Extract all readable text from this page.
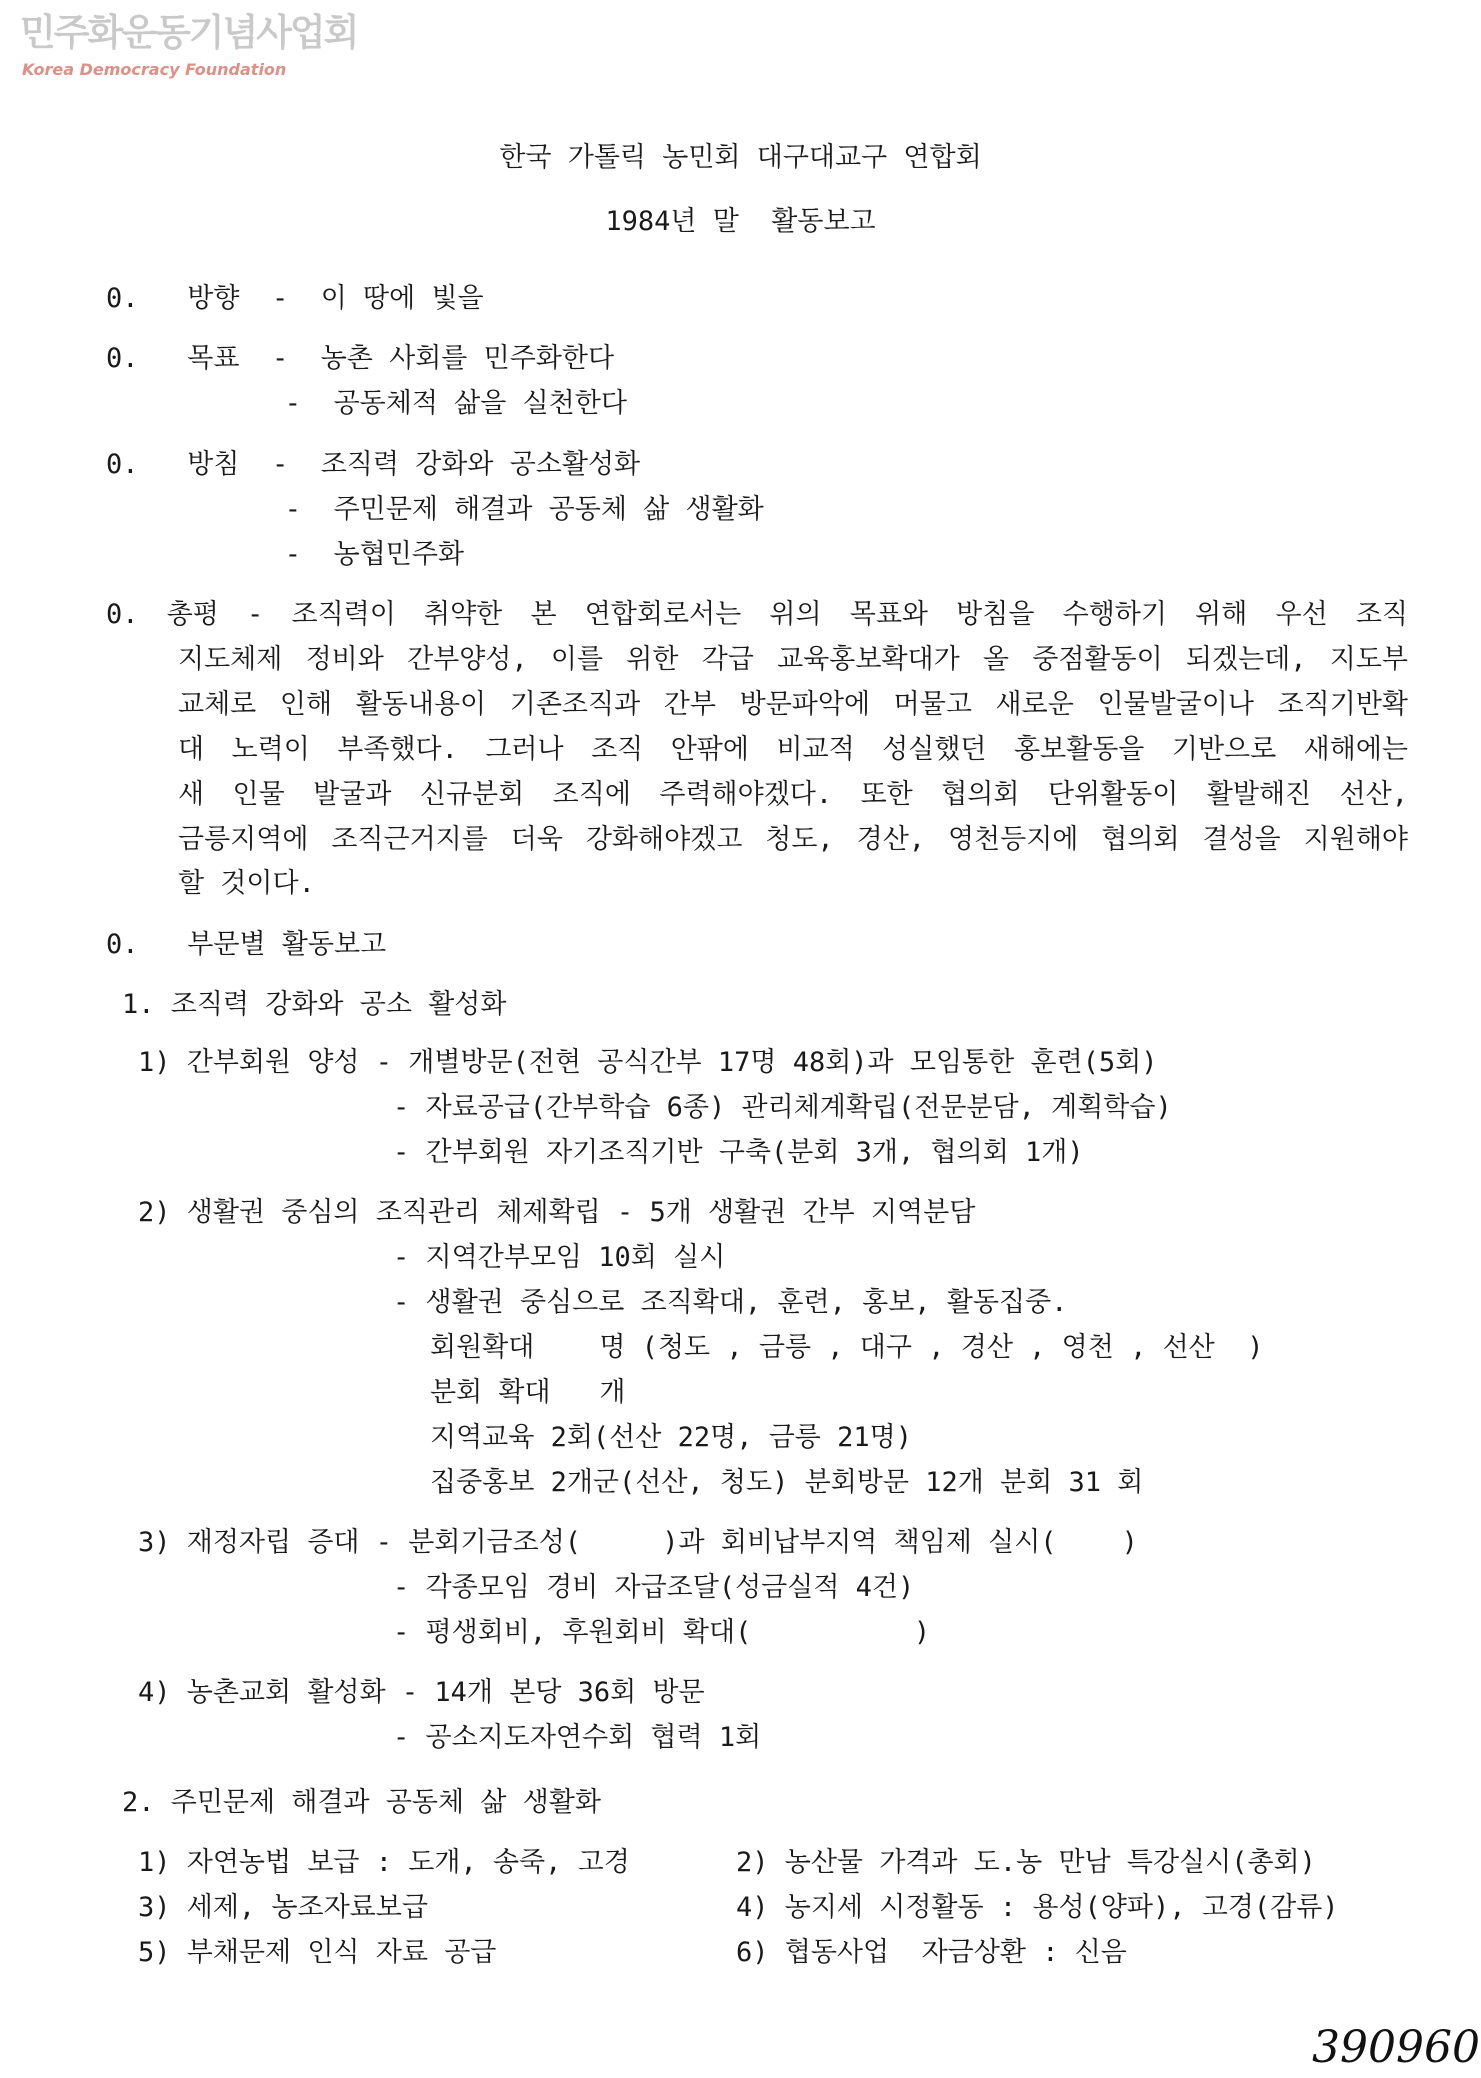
민주화운동기념사업회
Korea Democracy Foundation
한국 가톨릭 농민회 대구대교구 연합회
1984년 말  활동보고
0.   방향  -  이 땅에 빛을
0.   목표  -  농촌 사회를 민주화한다
-  공동체적 삶을 실천한다
0.   방침  -  조직력 강화와 공소활성화
-  주민문제 해결과 공동체 삶 생활화
-  농협민주화
0. 총평 - 조직력이 취약한 본 연합회로서는 위의 목표와 방침을 수행하기 위해 우선 조직
지도체제 정비와 간부양성, 이를 위한 각급 교육홍보확대가 올 중점활동이 되겠는데, 지도부
교체로 인해 활동내용이 기존조직과 간부 방문파악에 머물고 새로운 인물발굴이나 조직기반확
대 노력이 부족했다. 그러나 조직 안팎에 비교적 성실했던 홍보활동을 기반으로 새해에는
새 인물 발굴과 신규분회 조직에 주력해야겠다. 또한 협의회 단위활동이 활발해진 선산,
금릉지역에 조직근거지를 더욱 강화해야겠고 청도, 경산, 영천등지에 협의회 결성을 지원해야
할 것이다.
0.   부문별 활동보고
1. 조직력 강화와 공소 활성화
1) 간부회원 양성 - 개별방문(전현 공식간부 17명 48회)과 모임통한 훈련(5회)
- 자료공급(간부학습 6종) 관리체계확립(전문분담, 계획학습)
- 간부회원 자기조직기반 구축(분회 3개, 협의회 1개)
2) 생활권 중심의 조직관리 체제확립 - 5개 생활권 간부 지역분담
- 지역간부모임 10회 실시
- 생활권 중심으로 조직확대, 훈련, 홍보, 활동집중.
회원확대    명 (청도 , 금릉 , 대구 , 경산 , 영천 , 선산  )
분회 확대   개
지역교육 2회(선산 22명, 금릉 21명)
집중홍보 2개군(선산, 청도) 분회방문 12개 분회 31 회
3) 재정자립 증대 - 분회기금조성(     )과 회비납부지역 책임제 실시(    )
- 각종모임 경비 자급조달(성금실적 4건)
- 평생회비, 후원회비 확대(          )
4) 농촌교회 활성화 - 14개 본당 36회 방문
- 공소지도자연수회 협력 1회
2. 주민문제 해결과 공동체 삶 생활화
1) 자연농법 보급 : 도개, 송죽, 고경	2) 농산물 가격과 도.농 만남 특강실시(총회)
3) 세제, 농조자료보급	4) 농지세 시정활동 : 용성(양파), 고경(감류)
5) 부채문제 인식 자료 공급	6) 협동사업  자금상환 : 신음
390960
